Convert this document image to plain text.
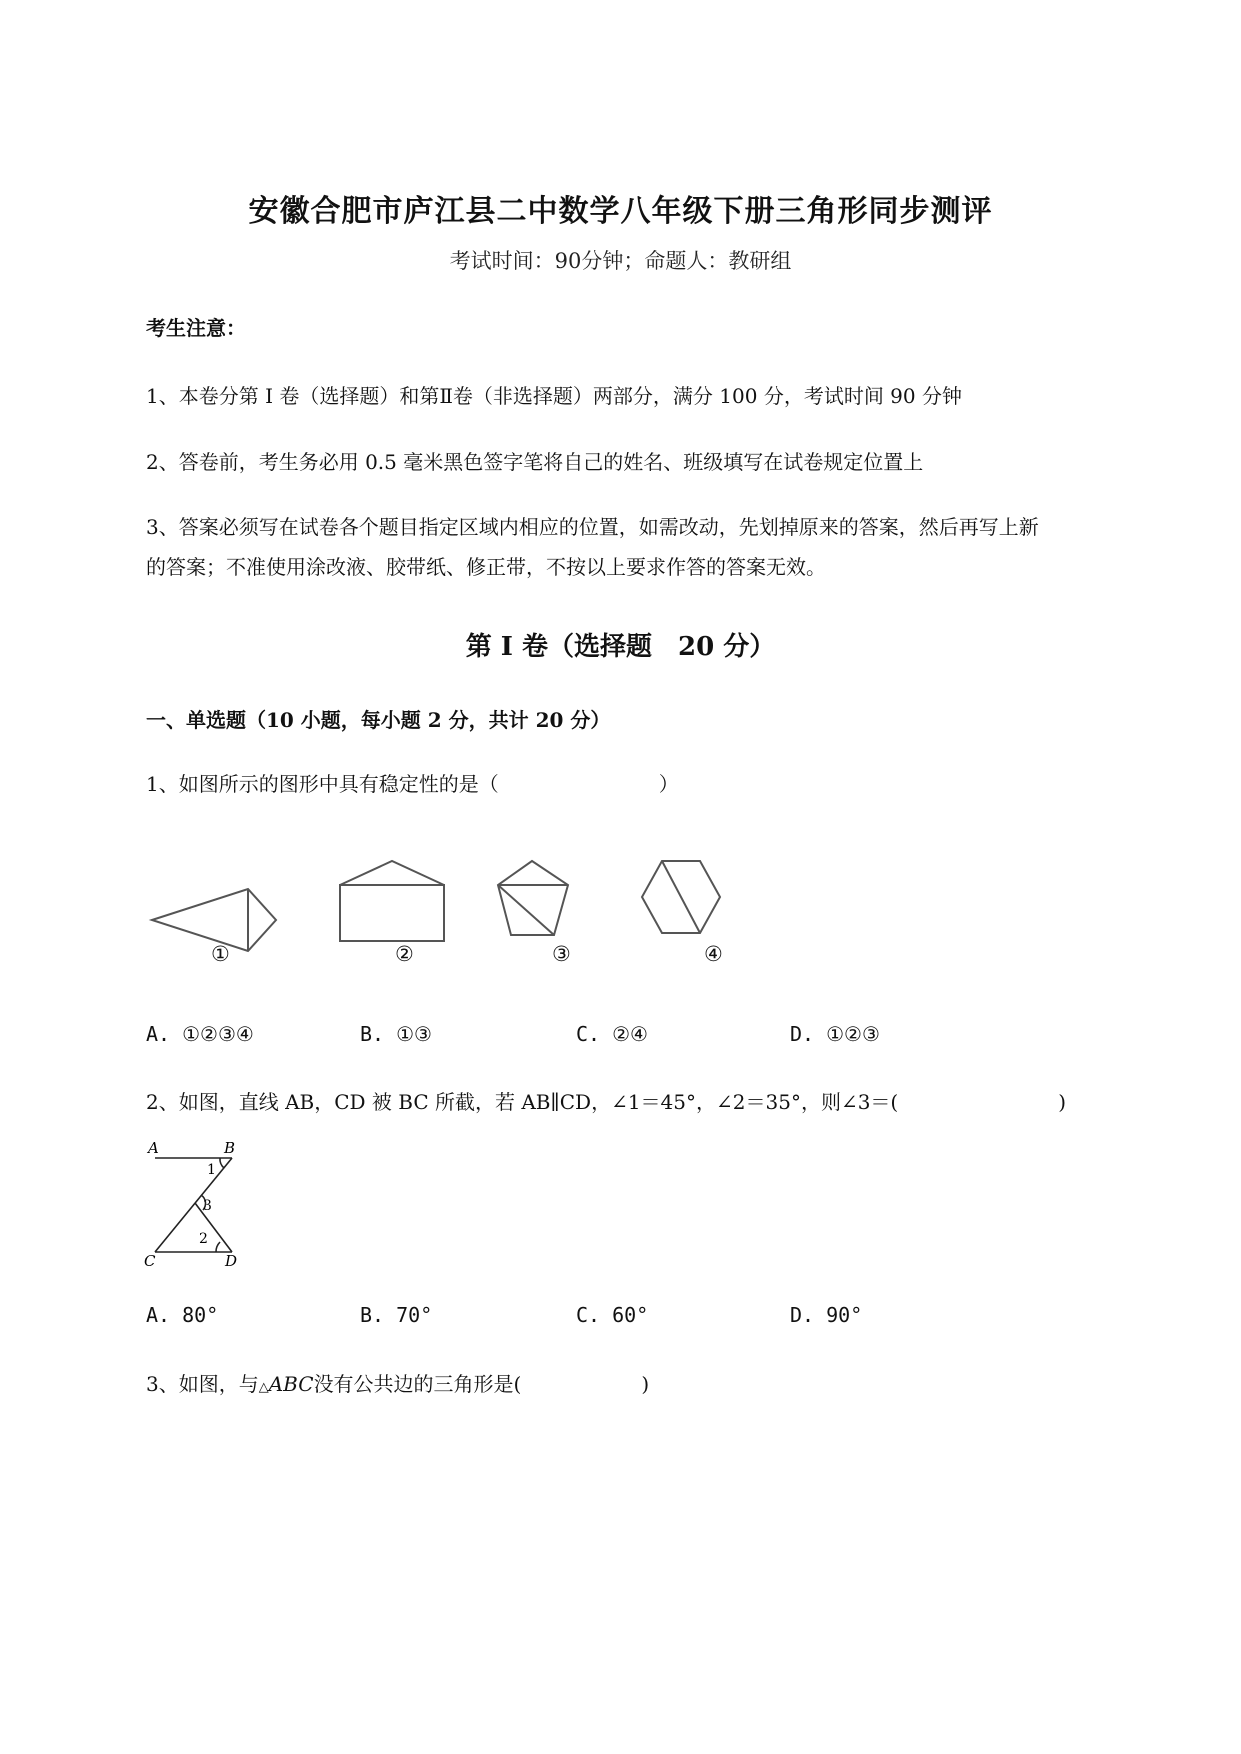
安徽合肥市庐江县二中数学八年级下册三角形同步测评
考试时间：90分钟；命题人：教研组
考生注意：
1、本卷分第 I 卷（选择题）和第Ⅱ卷（非选择题）两部分，满分 100 分，考试时间 90 分钟
2、答卷前，考生务必用 0.5 毫米黑色签字笔将自己的姓名、班级填写在试卷规定位置上
3、答案必须写在试卷各个题目指定区域内相应的位置，如需改动，先划掉原来的答案，然后再写上新
的答案；不准使用涂改液、胶带纸、修正带，不按以上要求作答的答案无效。
第 I 卷（选择题　20 分）
一、单选题（10 小题，每小题 2 分，共计 20 分）
1、如图所示的图形中具有稳定性的是（　　　　　　　　）
①	②	③	④
A. ①②③④	B. ①③	C. ②④	D. ①②③
2、如图，直线 AB，CD 被 BC 所截，若 AB∥CD，∠1＝45°，∠2＝35°，则∠3＝(　　　　　　　　)
A	B
C	D
1
2
3
A. 80°	B. 70°	C. 60°	D. 90°
3、如图，与△ABC没有公共边的三角形是(　　　　　　)
